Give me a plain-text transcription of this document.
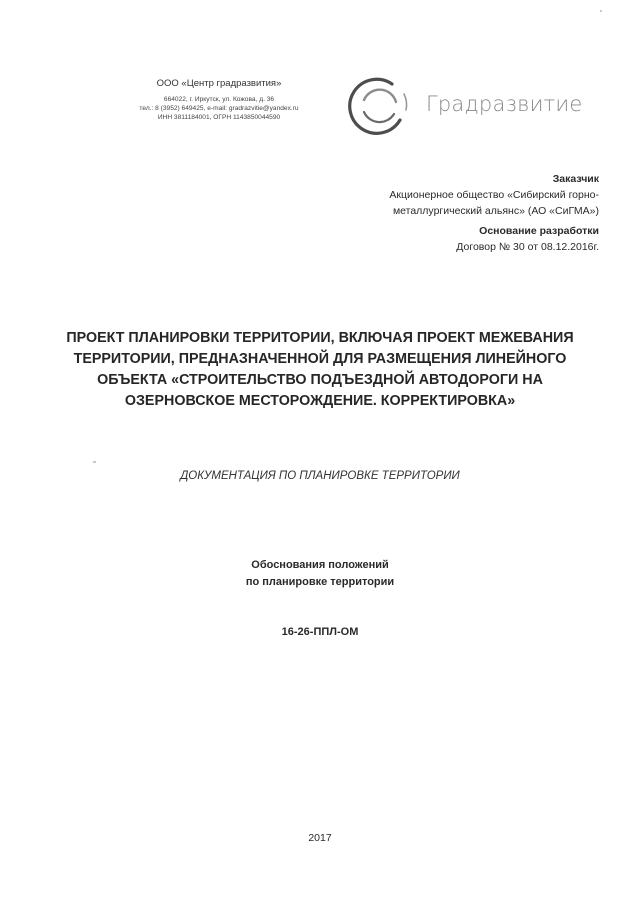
ООО «Центр градразвития»
664022, г. Иркутск, ул. Кожова, д. 36
тел.: 8 (3952) 649425, e-mail: gradrazvitie@yandex.ru
ИНН 3811184001, ОГРН 1143850044590
Градразвитие
Заказчик
Акционерное общество «Сибирский горно-
металлургический альянс» (АО «СиГМА»)
Основание разработки
Договор № 30 от 08.12.2016г.
ПРОЕКТ ПЛАНИРОВКИ ТЕРРИТОРИИ, ВКЛЮЧАЯ ПРОЕКТ МЕЖЕВАНИЯ
ТЕРРИТОРИИ, ПРЕДНАЗНАЧЕННОЙ ДЛЯ РАЗМЕЩЕНИЯ ЛИНЕЙНОГО
ОБЪЕКТА «СТРОИТЕЛЬСТВО ПОДЪЕЗДНОЙ АВТОДОРОГИ НА
ОЗЕРНОВСКОЕ МЕСТОРОЖДЕНИЕ. КОРРЕКТИРОВКА»
ДОКУМЕНТАЦИЯ ПО ПЛАНИРОВКЕ ТЕРРИТОРИИ
Обоснования положений
по планировке территории
16-26-ППЛ-ОМ
2017
